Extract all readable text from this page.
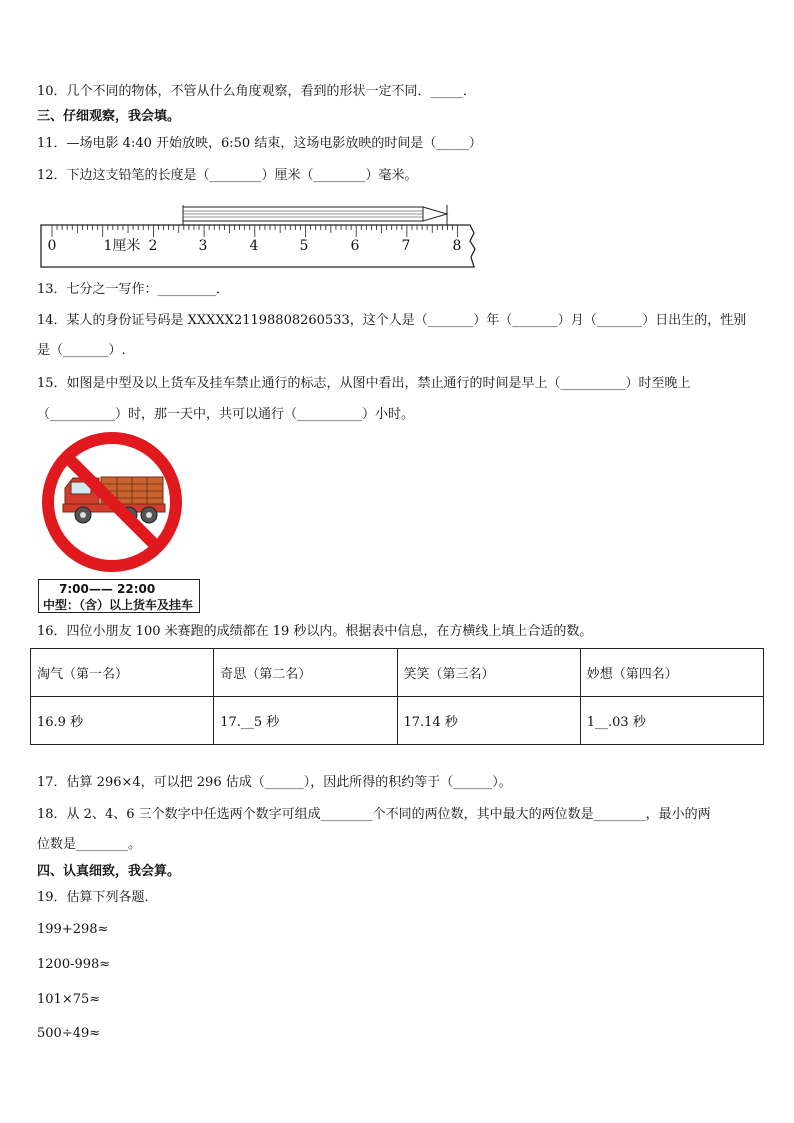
10．几个不同的物体，不管从什么角度观察，看到的形状一定不同．_____．
三、仔细观察，我会填。
11．—场电影 4:40 开始放映，6:50 结束，这场电影放映的时间是（_____）
12．下边这支铅笔的长度是（________）厘米（________）毫米。
0	1厘米 2	3	4	5	6	7	8
13．七分之一写作：_________．
14．某人的身份证号码是 XXXXX21198808260533，这个人是（_______）年（_______）月（_______）日出生的，性别
是（_______）.
15．如图是中型及以上货车及挂车禁止通行的标志，从图中看出，禁止通行的时间是早上（__________）时至晚上
（__________）时，那一天中，共可以通行（__________）小时。
7:00—— 22:00
中型：（含）以上货车及挂车
16．四位小朋友 100 米赛跑的成绩都在 19 秒以内。根据表中信息，在方横线上填上合适的数。
淘气（第一名）	奇思（第二名）	笑笑（第三名）	妙想（第四名）
16.9 秒	17.__5 秒	17.14 秒	1__.03 秒
17．估算 296×4，可以把 296 估成（______），因此所得的积约等于（______）。
18．从 2、4、6 三个数字中任选两个数字可组成________个不同的两位数，其中最大的两位数是________，最小的两
位数是________。
四、认真细致，我会算。
19．估算下列各题．
199+298≈
1200-998≈
101×75≈
500÷49≈
